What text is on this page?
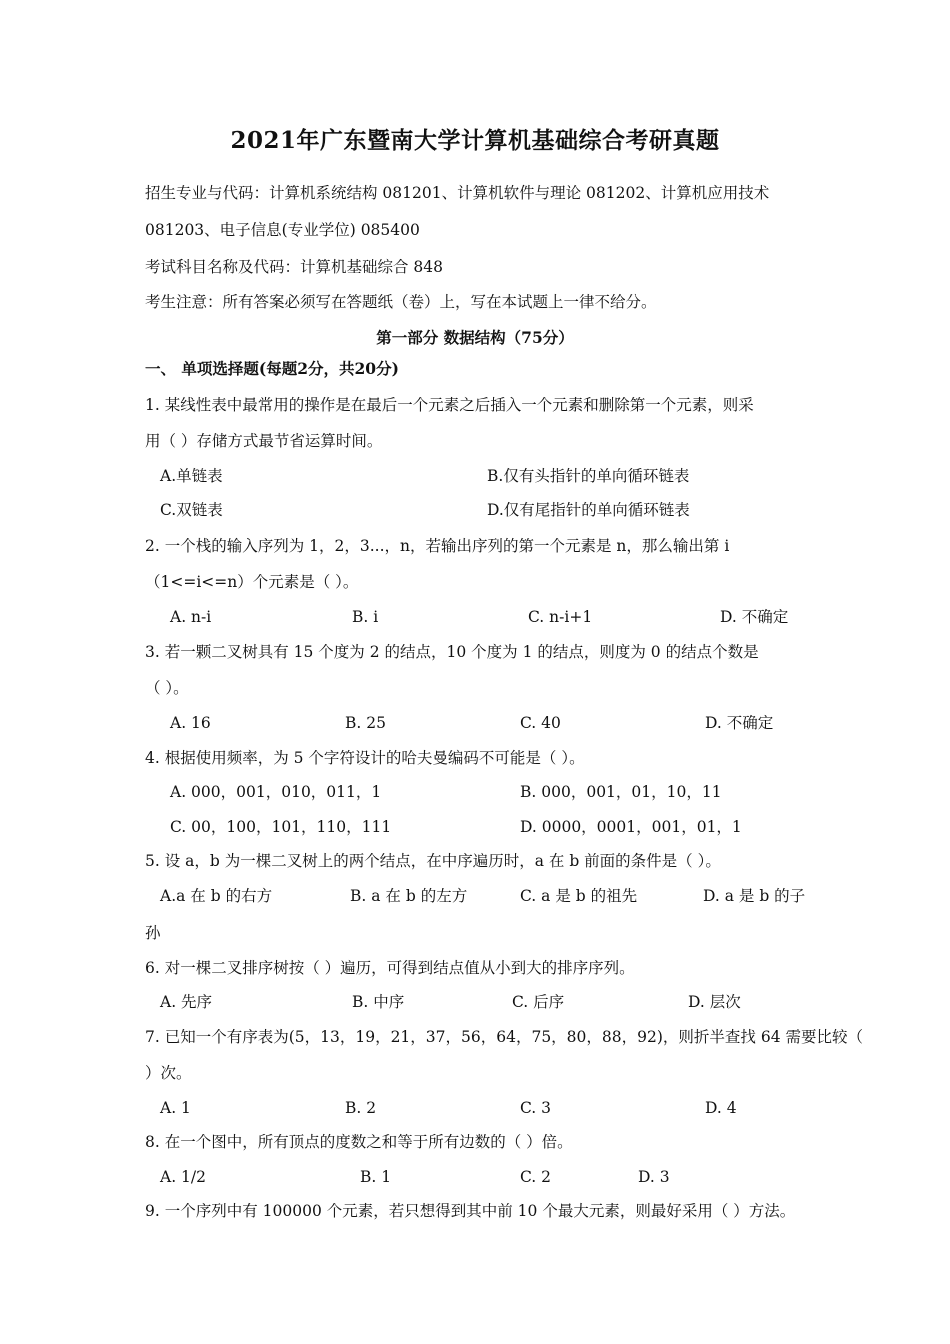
2021年广东暨南大学计算机基础综合考研真题
招生专业与代码：计算机系统结构 081201、计算机软件与理论 081202、计算机应用技术
081203、电子信息(专业学位) 085400
考试科目名称及代码：计算机基础综合 848
考生注意：所有答案必须写在答题纸（卷）上，写在本试题上一律不给分。
第一部分 数据结构（75分）
一、 单项选择题(每题2分，共20分)
1. 某线性表中最常用的操作是在最后一个元素之后插入一个元素和删除第一个元素，则采
用（ ）存储方式最节省运算时间。
A.单链表	B.仅有头指针的单向循环链表
C.双链表	D.仅有尾指针的单向循环链表
2. 一个栈的输入序列为 1，2，3...，n，若输出序列的第一个元素是 n，那么输出第 i
（1<=i<=n）个元素是（ ）。
A. n-i	B. i	C. n-i+1	D. 不确定
3. 若一颗二叉树具有 15 个度为 2 的结点，10 个度为 1 的结点，则度为 0 的结点个数是
（ ）。
A. 16	B. 25	C. 40	D. 不确定
4. 根据使用频率，为 5 个字符设计的哈夫曼编码不可能是（ ）。
A. 000，001，010，011，1	B. 000，001，01，10，11
C. 00，100，101，110，111	D. 0000，0001，001，01，1
5. 设 a，b 为一棵二叉树上的两个结点，在中序遍历时，a 在 b 前面的条件是（ ）。
A.a 在 b 的右方	B. a 在 b 的左方	C. a 是 b 的祖先	D. a 是 b 的子
孙
6. 对一棵二叉排序树按（ ）遍历，可得到结点值从小到大的排序序列。
A. 先序	B. 中序	C. 后序	D. 层次
7. 已知一个有序表为(5，13，19，21，37，56，64，75，80，88，92)，则折半查找 64 需要比较（
）次。
A. 1	B. 2	C. 3	D. 4
8. 在一个图中，所有顶点的度数之和等于所有边数的（ ）倍。
A. 1/2	B. 1	C. 2	D. 3
9. 一个序列中有 100000 个元素，若只想得到其中前 10 个最大元素，则最好采用（ ）方法。
